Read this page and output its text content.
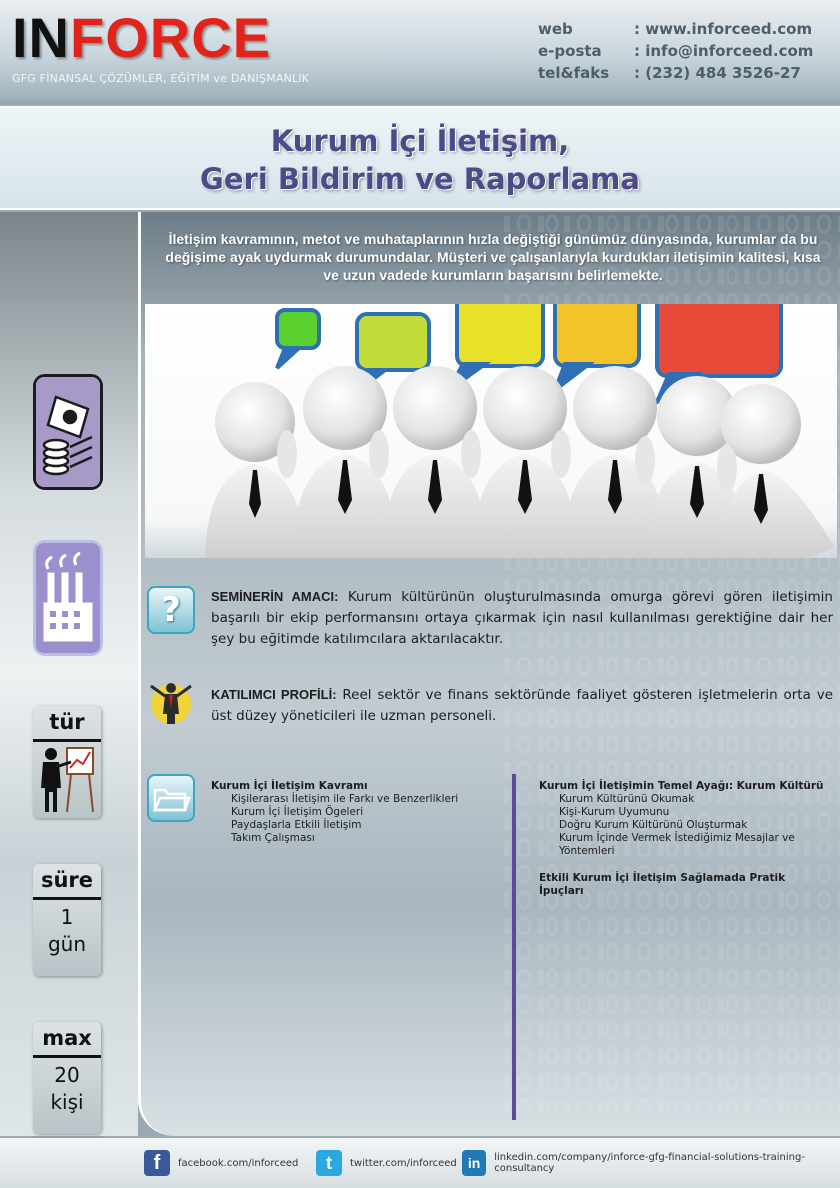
INFORCE
GFG FİNANSAL ÇÖZÜMLER, EĞİTİM ve DANIŞMANLIK
web	: www.inforceed.com
e-posta	: info@inforceed.com
tel&faks	: (232) 484 3526-27
Kurum İçi İletişim,
Geri Bildirim ve Raporlama
tür
süre
1
gün
max
20
kişi
İletişim kavramının, metot ve muhataplarının hızla değiştiği günümüz dünyasında, kurumlar da bu değişime ayak uydurmak durumundalar. Müşteri ve çalışanlarıyla kurdukları iletişimin kalitesi, kısa ve uzun vadede kurumların başarısını belirlemekte.
?	SEMİNERİN AMACI: Kurum kültürünün oluşturulmasında omurga görevi gören iletişimin başarılı bir ekip performansını ortaya çıkarmak için nasıl kullanılması gerektiğine dair her şey bu eğitimde katılımcılara aktarılacaktır.
KATILIMCI PROFİLİ: Reel sektör ve finans sektöründe faaliyet gösteren işletmelerin orta ve üst düzey yöneticileri ile uzman personeli.
Kurum İçi İletişim Kavramı
Kişilerarası İletişim ile Farkı ve Benzerlikleri
Kurum İçi İletişim Ögeleri
Paydaşlarla Etkili İletişim
Takım Çalışması
Kurum İçi İletişimin Temel Ayağı: Kurum Kültürü
Kurum Kültürünü Okumak
Kişi-Kurum Uyumunu
Doğru Kurum Kültürünü Oluşturmak
Kurum İçinde Vermek İstediğimiz Mesajlar ve Yöntemleri
Etkili Kurum İçi İletişim Sağlamada Pratik İpuçları
f	facebook.com/inforceed	t	twitter.com/inforceed in	linkedin.com/company/inforce-gfg-financial-solutions-training-consultancy
